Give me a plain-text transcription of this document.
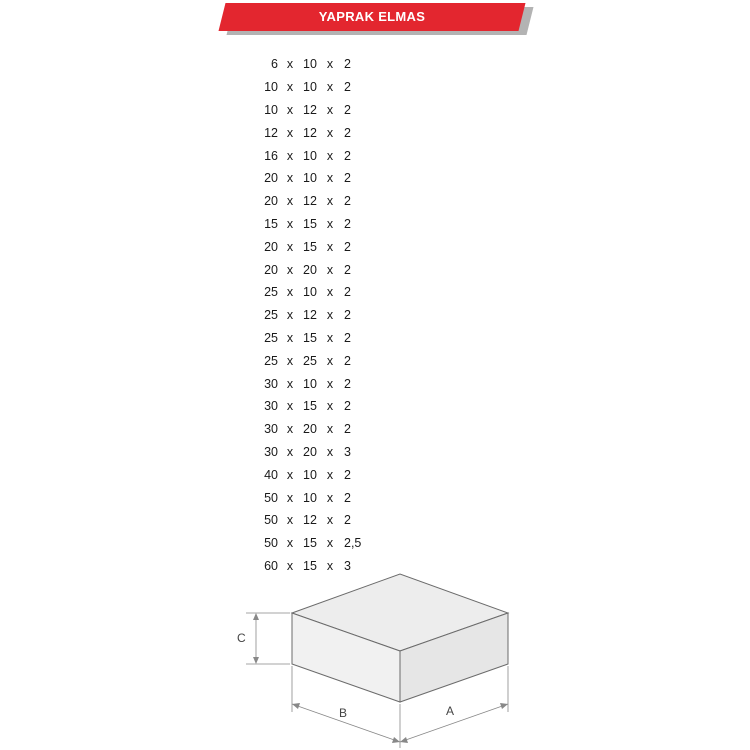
YAPRAK ELMAS
6 x 10 x 2
10 x 10 x 2
10 x 12 x 2
12 x 12 x 2
16 x 10 x 2
20 x 10 x 2
20 x 12 x 2
15 x 15 x 2
20 x 15 x 2
20 x 20 x 2
25 x 10 x 2
25 x 12 x 2
25 x 15 x 2
25 x 25 x 2
30 x 10 x 2
30 x 15 x 2
30 x 20 x 2
30 x 20 x 3
40 x 10 x 2
50 x 10 x 2
50 x 12 x 2
50 x 15 x 2,5
60 x 15 x 3
C
B	A
